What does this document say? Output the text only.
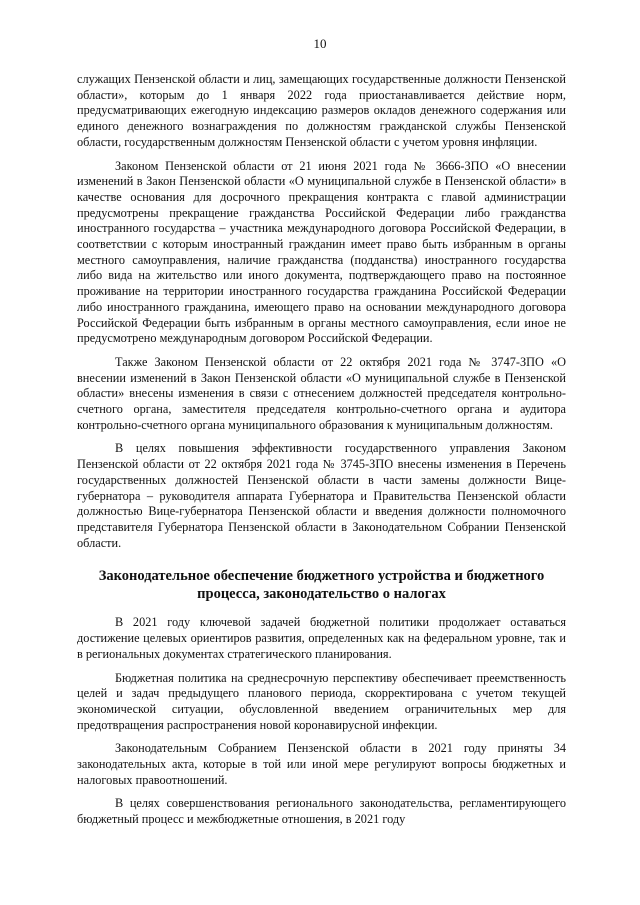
10

служащих Пензенской области и лиц, замещающих государственные должности Пензенской области», которым до 1 января 2022 года приостанавливается действие норм, предусматривающих ежегодную индексацию размеров окладов денежного содержания или единого денежного вознаграждения по должностям гражданской службы Пензенской области, государственным должностям Пензенской области с учетом уровня инфляции.

Законом Пензенской области от 21 июня 2021 года № 3666-ЗПО «О внесении изменений в Закон Пензенской области «О муниципальной службе в Пензенской области» в качестве основания для досрочного прекращения контракта с главой администрации предусмотрены прекращение гражданства Российской Федерации либо гражданства иностранного государства – участника международного договора Российской Федерации, в соответствии с которым иностранный гражданин имеет право быть избранным в органы местного самоуправления, наличие гражданства (подданства) иностранного государства либо вида на жительство или иного документа, подтверждающего право на постоянное проживание на территории иностранного государства гражданина Российской Федерации либо иностранного гражданина, имеющего право на основании международного договора Российской Федерации быть избранным в органы местного самоуправления, если иное не предусмотрено международным договором Российской Федерации.

Также Законом Пензенской области от 22 октября 2021 года № 3747-ЗПО «О внесении изменений в Закон Пензенской области «О муниципальной службе в Пензенской области» внесены изменения в связи с отнесением должностей председателя контрольно-счетного органа, заместителя председателя контрольно-счетного органа и аудитора контрольно-счетного органа муниципального образования к муниципальным должностям.

В целях повышения эффективности государственного управления Законом Пензенской области от 22 октября 2021 года № 3745-ЗПО внесены изменения в Перечень государственных должностей Пензенской области в части замены должности Вице-губернатора – руководителя аппарата Губернатора и Правительства Пензенской области должностью Вице-губернатора Пензенской области и введения должности полномочного представителя Губернатора Пензенской области в Законодательном Собрании Пензенской области.

Законодательное обеспечение бюджетного устройства и бюджетного процесса, законодательство о налогах

В 2021 году ключевой задачей бюджетной политики продолжает оставаться достижение целевых ориентиров развития, определенных как на федеральном уровне, так и в региональных документах стратегического планирования.

Бюджетная политика на среднесрочную перспективу обеспечивает преемственность целей и задач предыдущего планового периода, скорректирована с учетом текущей экономической ситуации, обусловленной введением ограничительных мер для предотвращения распространения новой коронавирусной инфекции.

Законодательным Собранием Пензенской области в 2021 году приняты 34 законодательных акта, которые в той или иной мере регулируют вопросы бюджетных и налоговых правоотношений.

В целях совершенствования регионального законодательства, регламентирующего бюджетный процесс и межбюджетные отношения, в 2021 году
